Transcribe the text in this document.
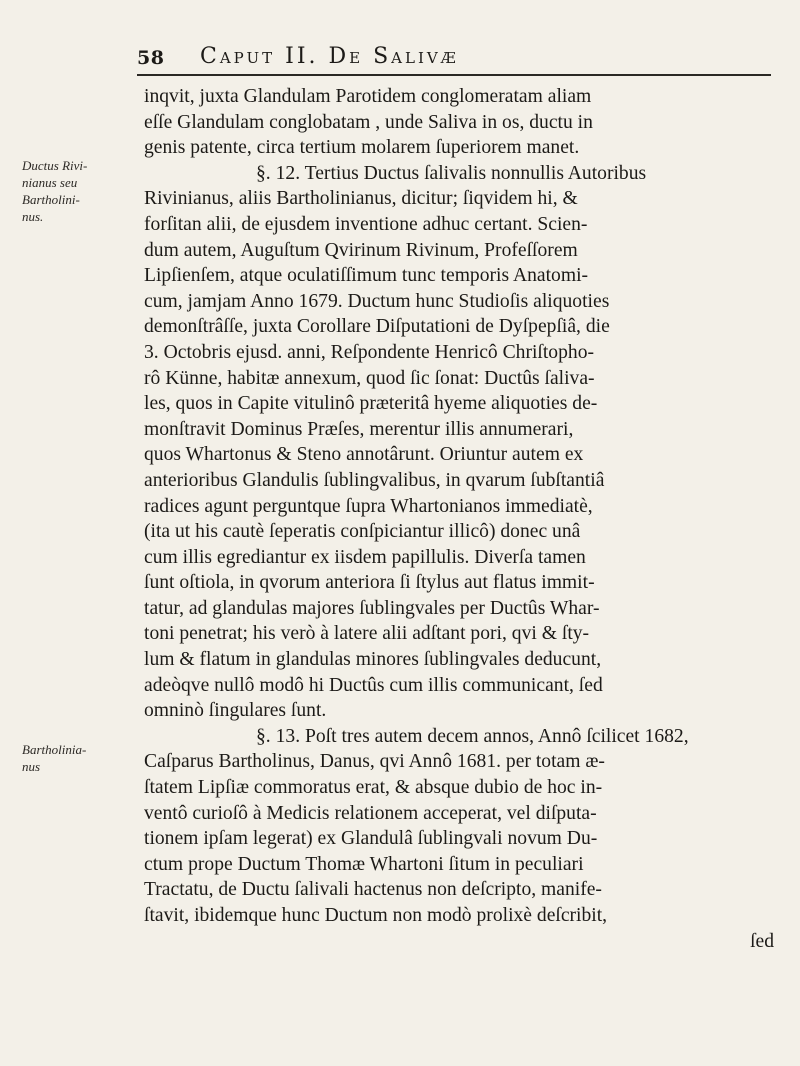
58 Caput II. De Salivæ
Ductus Rivi-
nianus seu
Bartholini-
nus.
Bartholinia-
nus
inqvit, juxta Glandulam Parotidem conglomeratam aliam
eſſe Glandulam conglobatam , unde Saliva in os, ductu in
genis patente, circa tertium molarem ſuperiorem manet.
§. 12. Tertius Ductus ſalivalis nonnullis Autoribus
Rivinianus, aliis Bartholinianus, dicitur; ſiqvidem hi, &
forſitan alii, de ejusdem inventione adhuc certant. Scien-
dum autem, Auguſtum Qvirinum Rivinum, Profeſſorem
Lipſienſem, atque oculatiſſimum tunc temporis Anatomi-
cum, jamjam Anno 1679. Ductum hunc Studioſis aliquoties
demonſtrâſſe, juxta Corollare Diſputationi de Dyſpepſiâ, die
3. Octobris ejusd. anni, Reſpondente Henricô Chriſtopho-
rô Künne, habitæ annexum, quod ſic ſonat: Ductûs ſaliva-
les, quos in Capite vitulinô præteritâ hyeme aliquoties de-
monſtravit Dominus Præſes, merentur illis annumerari,
quos Whartonus & Steno annotârunt. Oriuntur autem ex
anterioribus Glandulis ſublingvalibus, in qvarum ſubſtantiâ
radices agunt perguntque ſupra Whartonianos immediatè,
(ita ut his cautè ſeperatis conſpiciantur illicô) donec unâ
cum illis egrediantur ex iisdem papillulis. Diverſa tamen
ſunt oſtiola, in qvorum anteriora ſi ſtylus aut flatus immit-
tatur, ad glandulas majores ſublingvales per Ductûs Whar-
toni penetrat; his verò à latere alii adſtant pori, qvi & ſty-
lum & flatum in glandulas minores ſublingvales deducunt,
adeòqve nullô modô hi Ductûs cum illis communicant, ſed
omninò ſingulares ſunt.
§. 13. Poſt tres autem decem annos, Annô ſcilicet 1682,
Caſparus Bartholinus, Danus, qvi Annô 1681. per totam æ-
ſtatem Lipſiæ commoratus erat, & absque dubio de hoc in-
ventô curioſô à Medicis relationem acceperat, vel diſputa-
tionem ipſam legerat) ex Glandulâ ſublingvali novum Du-
ctum prope Ductum Thomæ Whartoni ſitum in peculiari
Tractatu, de Ductu ſalivali hactenus non deſcripto, manife-
ſtavit, ibidemque hunc Ductum non modò prolixè deſcribit,
ſed
